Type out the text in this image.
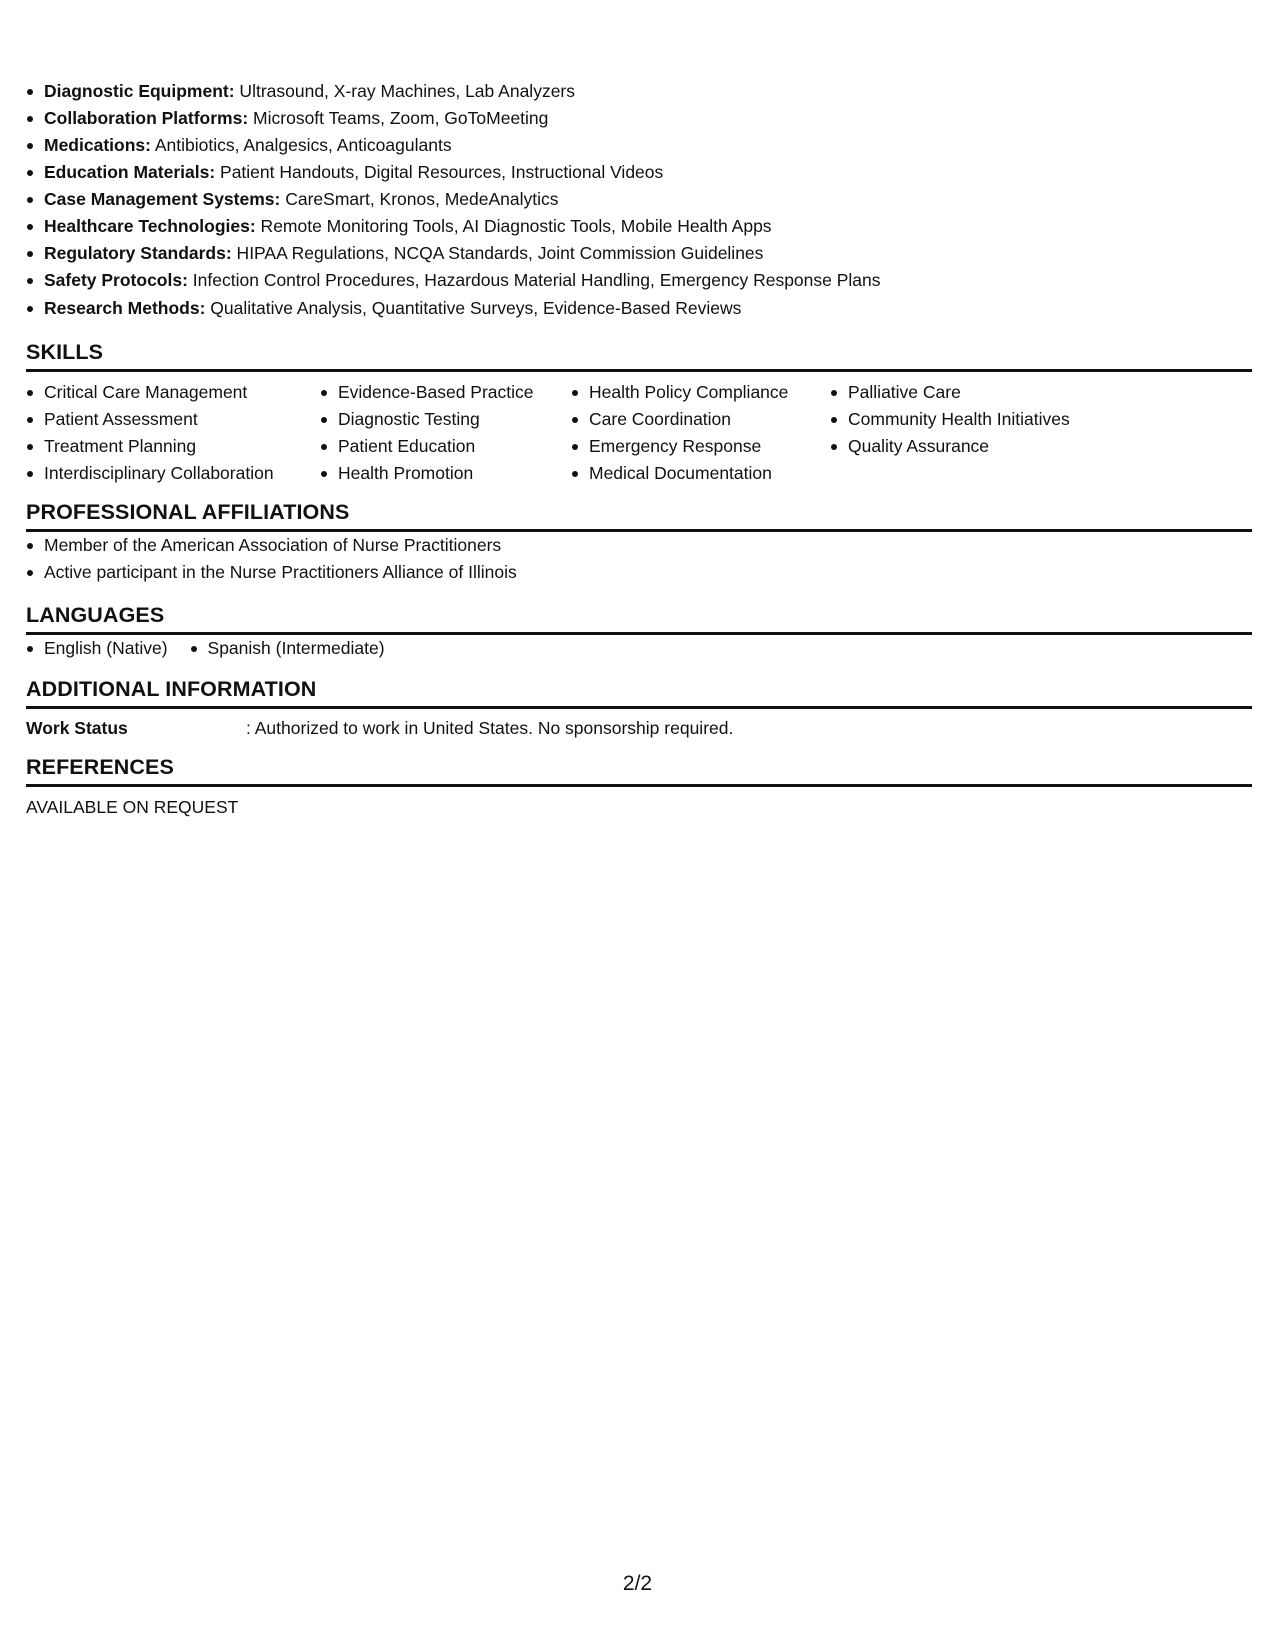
Diagnostic Equipment: Ultrasound, X-ray Machines, Lab Analyzers
Collaboration Platforms: Microsoft Teams, Zoom, GoToMeeting
Medications: Antibiotics, Analgesics, Anticoagulants
Education Materials: Patient Handouts, Digital Resources, Instructional Videos
Case Management Systems: CareSmart, Kronos, MedeAnalytics
Healthcare Technologies: Remote Monitoring Tools, AI Diagnostic Tools, Mobile Health Apps
Regulatory Standards: HIPAA Regulations, NCQA Standards, Joint Commission Guidelines
Safety Protocols: Infection Control Procedures, Hazardous Material Handling, Emergency Response Plans
Research Methods: Qualitative Analysis, Quantitative Surveys, Evidence-Based Reviews
SKILLS
Critical Care Management
Patient Assessment
Treatment Planning
Interdisciplinary Collaboration
Evidence-Based Practice
Diagnostic Testing
Patient Education
Health Promotion
Health Policy Compliance
Care Coordination
Emergency Response
Medical Documentation
Palliative Care
Community Health Initiatives
Quality Assurance
PROFESSIONAL AFFILIATIONS
Member of the American Association of Nurse Practitioners
Active participant in the Nurse Practitioners Alliance of Illinois
LANGUAGES
English (Native)	Spanish (Intermediate)
ADDITIONAL INFORMATION
Work Status	: Authorized to work in United States. No sponsorship required.
REFERENCES
AVAILABLE ON REQUEST
2/2
